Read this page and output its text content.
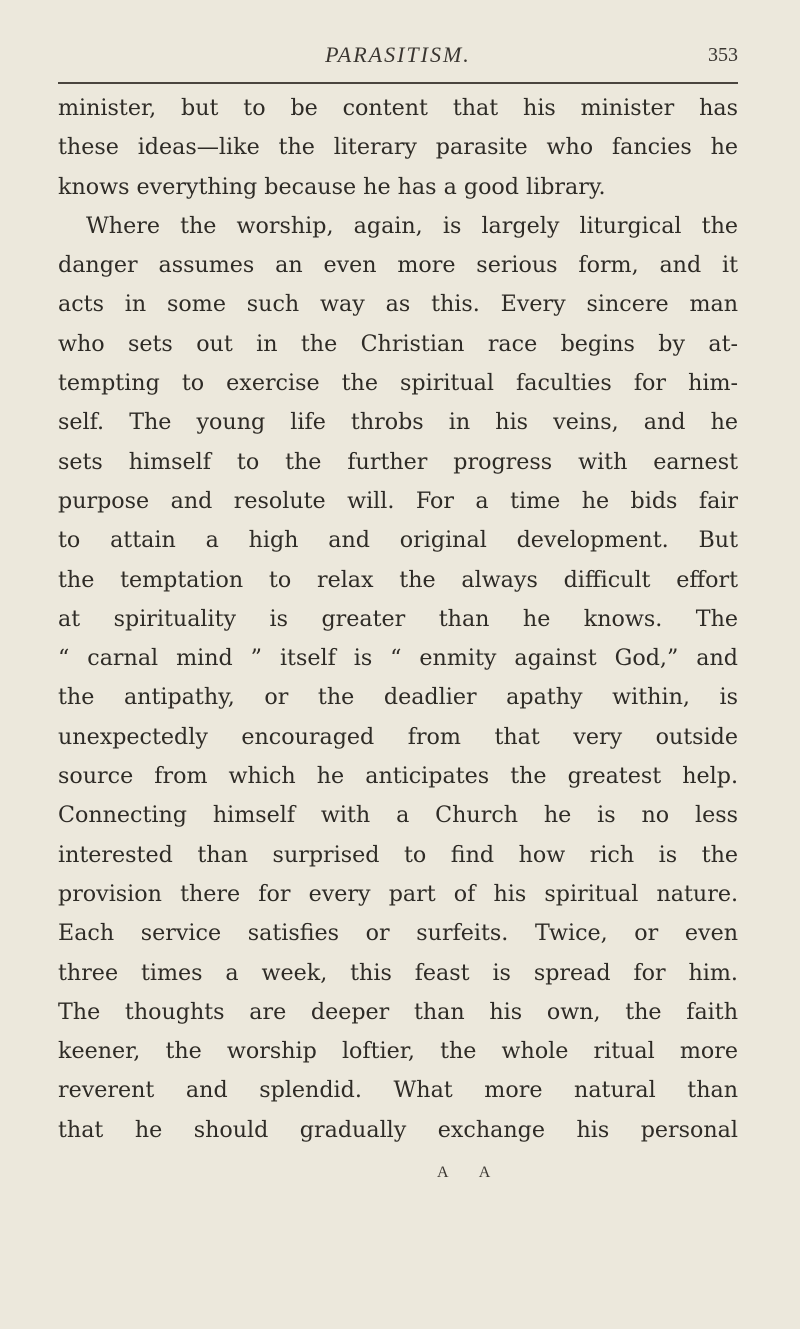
PARASITISM.	353
minister, but to be content that his minister has
these ideas—like the literary parasite who fancies he
knows everything because he has a good library.
Where the worship, again, is largely liturgical the
danger assumes an even more serious form, and it
acts in some such way as this. Every sincere man
who sets out in the Christian race begins by at-
tempting to exercise the spiritual faculties for him-
self. The young life throbs in his veins, and he
sets himself to the further progress with earnest
purpose and resolute will. For a time he bids fair
to attain a high and original development. But
the temptation to relax the always difficult effort
at spirituality is greater than he knows. The
“ carnal mind ” itself is “ enmity against God,” and
the antipathy, or the deadlier apathy within, is
unexpectedly encouraged from that very outside
source from which he anticipates the greatest help.
Connecting himself with a Church he is no less
interested than surprised to find how rich is the
provision there for every part of his spiritual nature.
Each service satisfies or surfeits. Twice, or even
three times a week, this feast is spread for him.
The thoughts are deeper than his own, the faith
keener, the worship loftier, the whole ritual more
reverent and splendid. What more natural than
that he should gradually exchange his personal
A A
